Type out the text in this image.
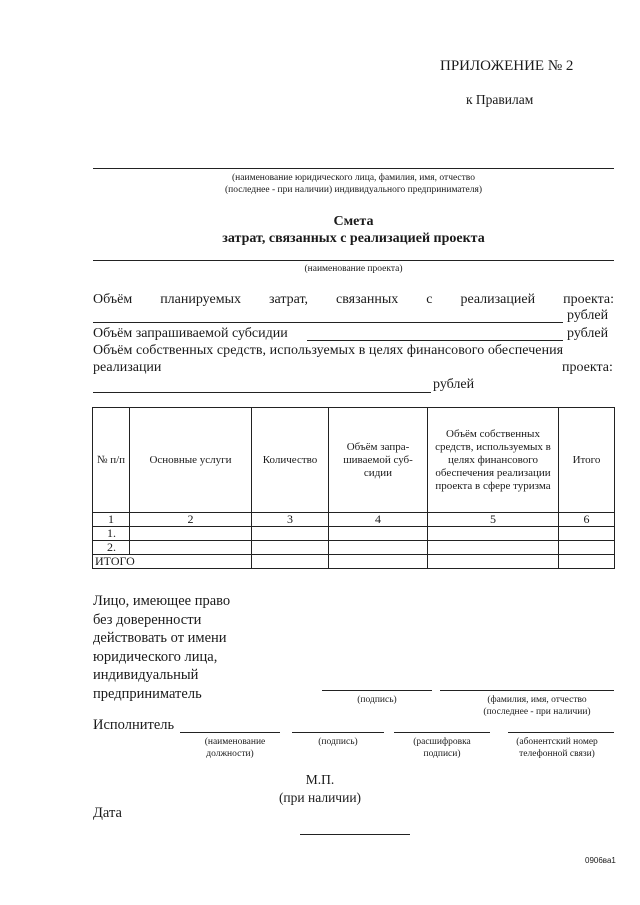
ПРИЛОЖЕНИЕ № 2
к Правилам
(наименование юридического лица, фамилия, имя, отчество
(последнее - при наличии) индивидуального предпринимателя)
Смета
затрат, связанных с реализацией проекта
(наименование проекта)
Объём планируемых затрат, связанных с реализацией проекта:
рублей
Объём запрашиваемой субсидии	рублей
Объём собственных средств, используемых в целях финансового обеспечения
реализации	проекта:
рублей
№ п/п	Основные услуги	Количество	Объём запра-шиваемой суб-сидии	Объём собственных средств, используемых в целях финансового обеспечения реализации проекта в сфере туризма	Итого
1	2	3	4	5	6
1.					
2.					
ИТОГО					
Лицо, имеющее право без доверенности действовать от имени юридического лица, индивидуальный предприниматель	(подпись)	(фамилия, имя, отчество
(последнее - при наличии)
Исполнитель
(наименование
должности)
(подпись)	(расшифровка
подписи)
(абонентский номер
телефонной связи)
М.П.
(при наличии)
Дата
0906ва1
